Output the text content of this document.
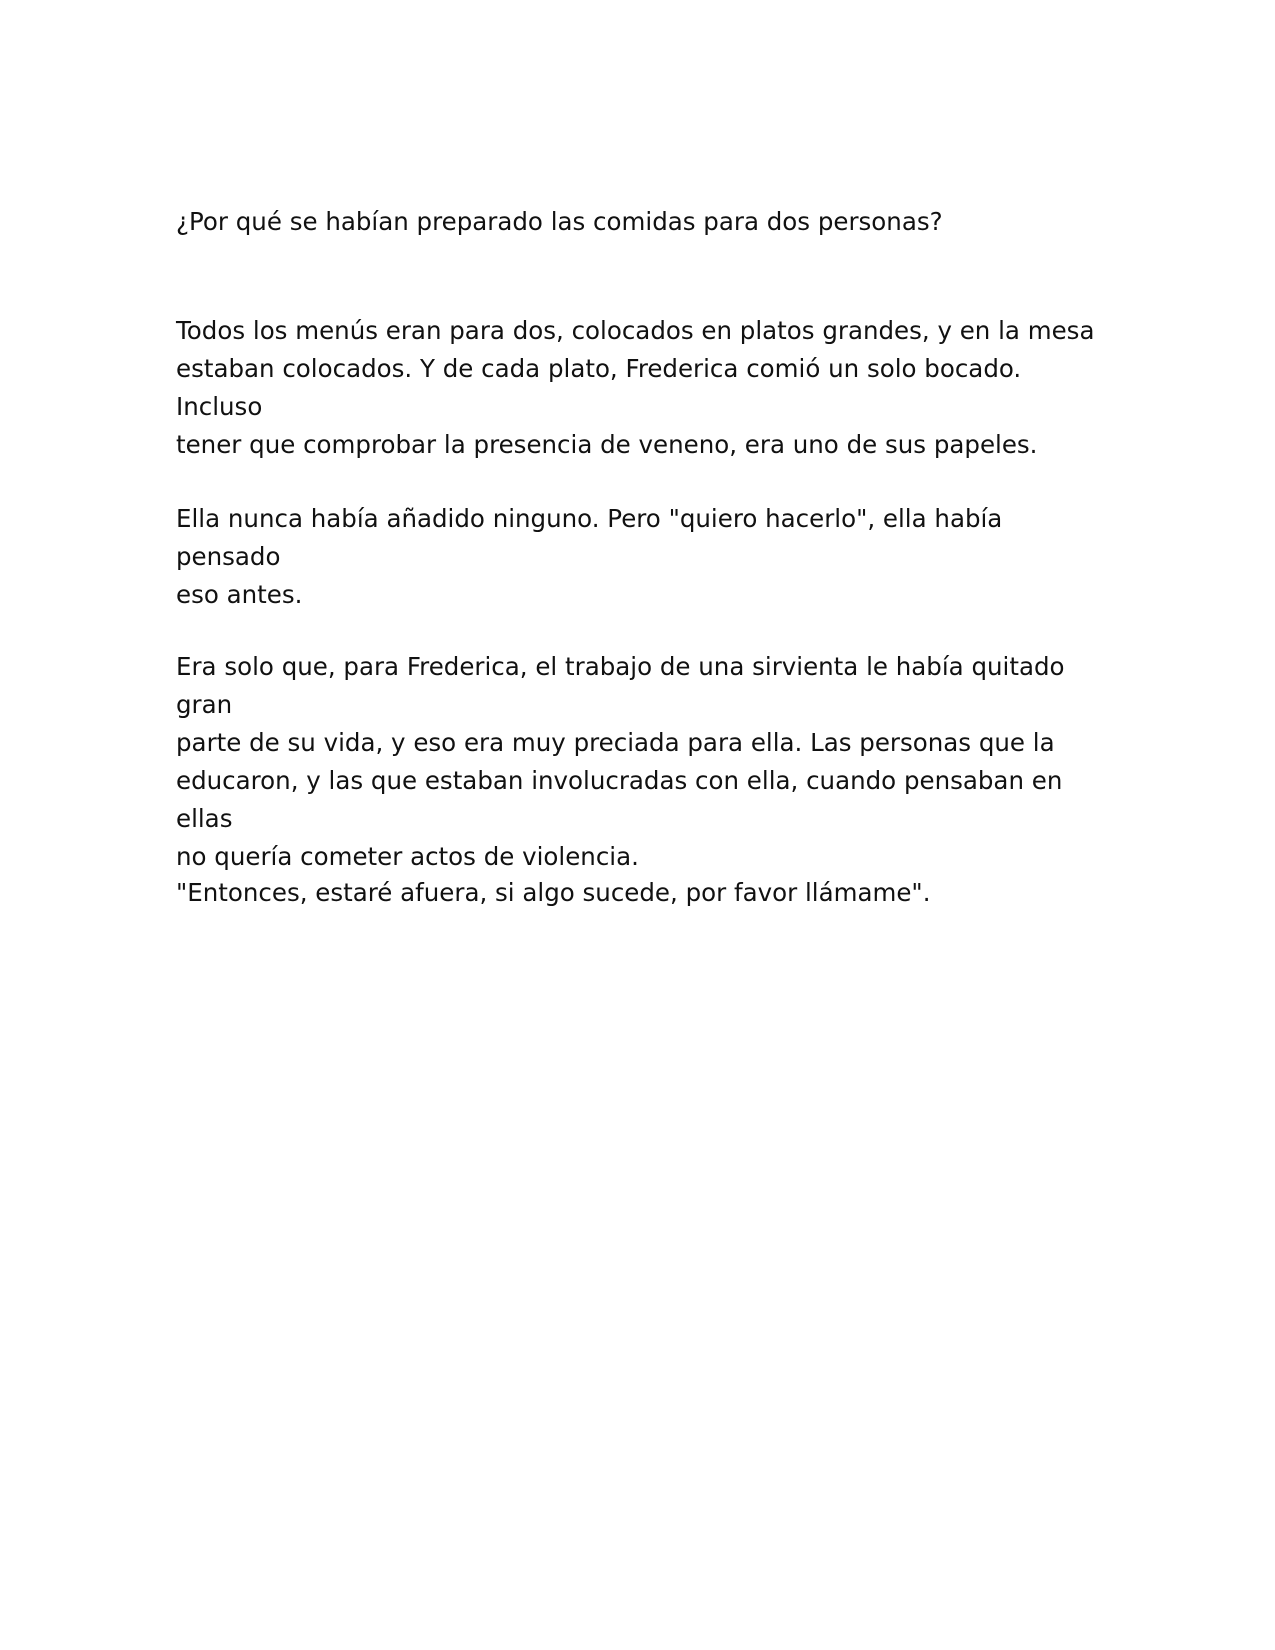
¿Por qué se habían preparado las comidas para dos personas?

Todos los menús eran para dos, colocados en platos grandes, y en la mesa
estaban colocados. Y de cada plato, Frederica comió un solo bocado. Incluso
tener que comprobar la presencia de veneno, era uno de sus papeles.

Ella nunca había añadido ninguno. Pero "quiero hacerlo", ella había pensado
eso antes.

Era solo que, para Frederica, el trabajo de una sirvienta le había quitado gran
parte de su vida, y eso era muy preciada para ella. Las personas que la
educaron, y las que estaban involucradas con ella, cuando pensaban en ellas
no quería cometer actos de violencia.

"Entonces, estaré afuera, si algo sucede, por favor llámame".
